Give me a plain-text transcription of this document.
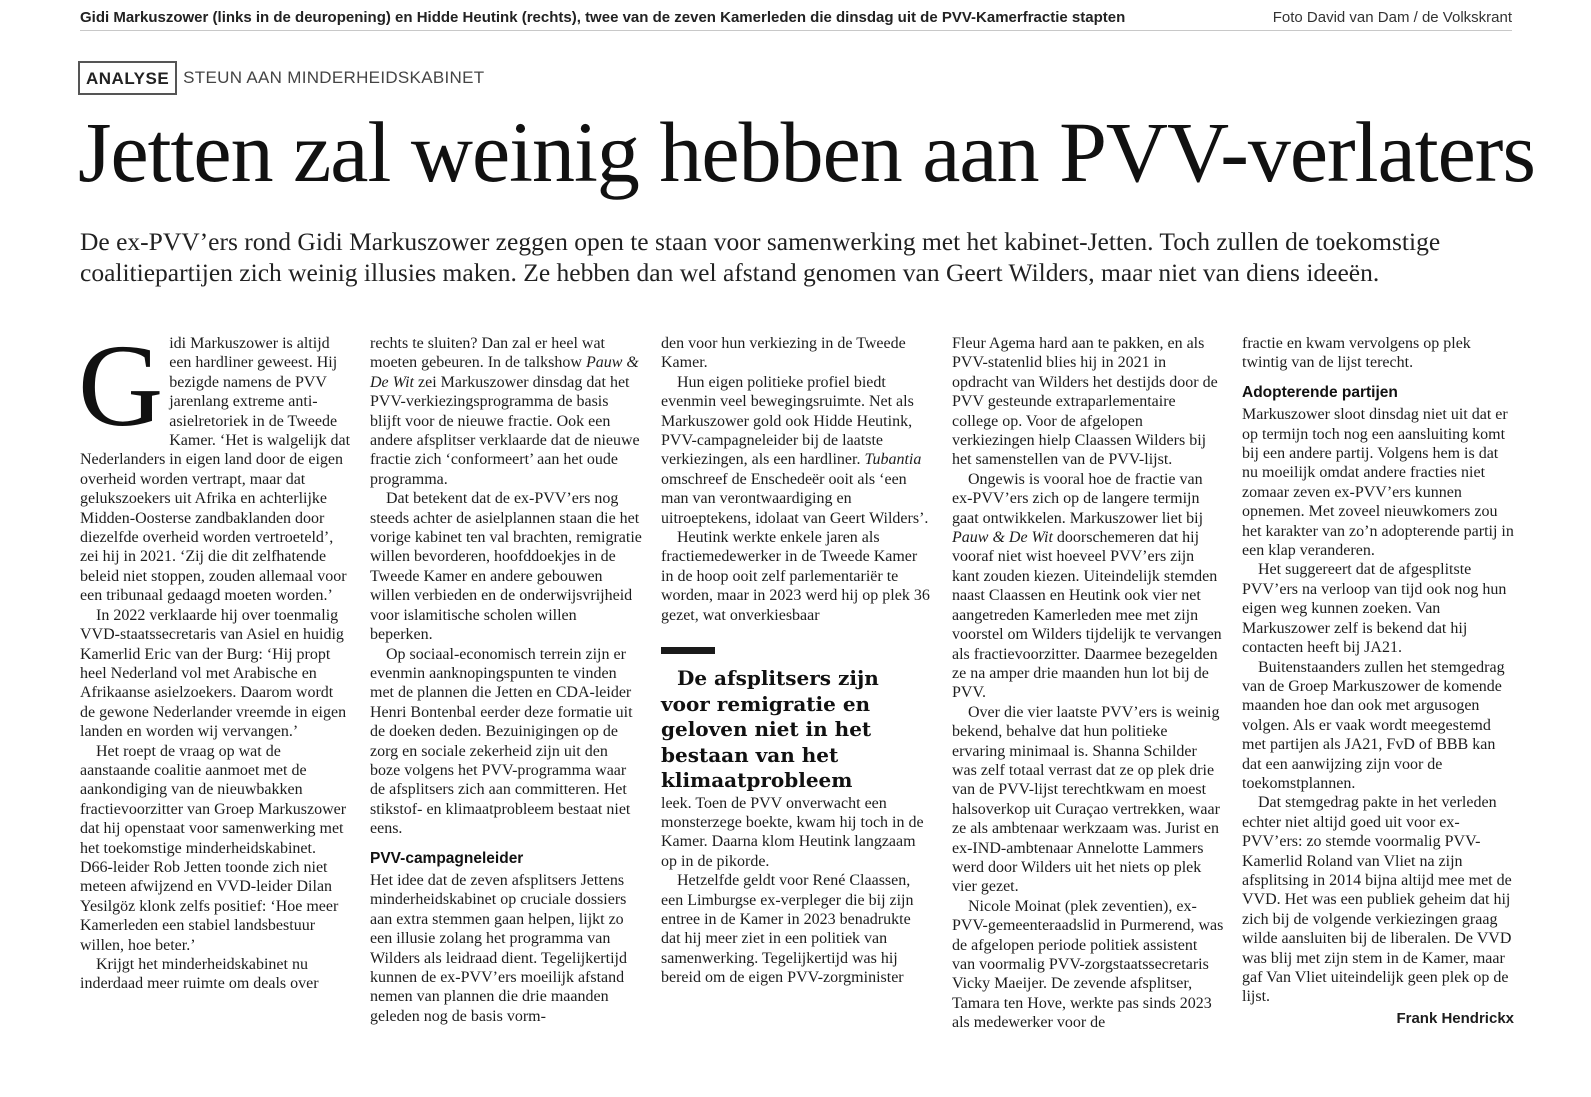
Gidi Markuszower (links in de deuropening) en Hidde Heutink (rechts), twee van de zeven Kamerleden die dinsdag uit de PVV-Kamerfractie stapten	Foto David van Dam / de Volkskrant
ANALYSE STEUN AAN MINDERHEIDSKABINET
Jetten zal weinig hebben aan PVV-verlaters

De ex-PVV’ers rond Gidi Markuszower zeggen open te staan voor samenwerking met het kabinet-Jetten. Toch zullen de toekomstige coalitiepartijen zich weinig illusies maken. Ze hebben dan wel afstand genomen van Geert Wilders, maar niet van diens ideeën.

G idi Markuszower is altijd een hardliner geweest. Hij bezigde namens de PVV jarenlang extreme anti-asielretoriek in de Tweede Kamer. ‘Het is walgelijk dat Nederlanders in eigen land door de eigen overheid worden vertrapt, maar dat gelukszoekers uit Afrika en achterlijke Midden-Oosterse zandbaklanden door diezelfde overheid worden vertroeteld’, zei hij in 2021. ‘Zij die dit zelfhatende beleid niet stoppen, zouden allemaal voor een tribunaal gedaagd moeten worden.’

In 2022 verklaarde hij over toenmalig VVD-staatssecretaris van Asiel en huidig Kamerlid Eric van der Burg: ‘Hij propt heel Nederland vol met Arabische en Afrikaanse asielzoekers. Daarom wordt de gewone Nederlander vreemde in eigen landen en worden wij vervangen.’

Het roept de vraag op wat de aanstaande coalitie aanmoet met de aankondiging van de nieuwbakken fractievoorzitter van Groep Markuszower dat hij openstaat voor samenwerking met het toekomstige minderheidskabinet. D66-leider Rob Jetten toonde zich niet meteen afwijzend en VVD-leider Dilan Yesilgöz klonk zelfs positief: ‘Hoe meer Kamerleden een stabiel landsbestuur willen, hoe beter.’

Krijgt het minderheidskabinet nu inderdaad meer ruimte om deals over

rechts te sluiten? Dan zal er heel wat moeten gebeuren. In de talkshow Pauw & De Wit zei Markuszower dinsdag dat het PVV-verkiezingsprogramma de basis blijft voor de nieuwe fractie. Ook een andere afsplitser verklaarde dat de nieuwe fractie zich ‘conformeert’ aan het oude programma.

Dat betekent dat de ex-PVV’ers nog steeds achter de asielplannen staan die het vorige kabinet ten val brachten, remigratie willen bevorderen, hoofddoekjes in de Tweede Kamer en andere gebouwen willen verbieden en de onderwijsvrijheid voor islamitische scholen willen beperken.

Op sociaal-economisch terrein zijn er evenmin aanknopingspunten te vinden met de plannen die Jetten en CDA-leider Henri Bontenbal eerder deze formatie uit de doeken deden. Bezuinigingen op de zorg en sociale zekerheid zijn uit den boze volgens het PVV-programma waar de afsplitsers zich aan committeren. Het stikstof- en klimaatprobleem bestaat niet eens.

PVV-campagneleider

Het idee dat de zeven afsplitsers Jettens minderheidskabinet op cruciale dossiers aan extra stemmen gaan helpen, lijkt zo een illusie zolang het programma van Wilders als leidraad dient. Tegelijkertijd kunnen de ex-PVV’ers moeilijk afstand nemen van plannen die drie maanden geleden nog de basis vorm-

den voor hun verkiezing in de Tweede Kamer.

Hun eigen politieke profiel biedt evenmin veel bewegingsruimte. Net als Markuszower gold ook Hidde Heutink, PVV-campagneleider bij de laatste verkiezingen, als een hardliner. Tubantia omschreef de Enschedeër ooit als ‘een man van verontwaardiging en uitroeptekens, idolaat van Geert Wilders’.

Heutink werkte enkele jaren als fractiemedewerker in de Tweede Kamer in de hoop ooit zelf parlementariër te worden, maar in 2023 werd hij op plek 36 gezet, wat onverkiesbaar

De afsplitsers zijn voor remigratie en geloven niet in het bestaan van het klimaatprobleem

leek. Toen de PVV onverwacht een monsterzege boekte, kwam hij toch in de Kamer. Daarna klom Heutink langzaam op in de pikorde.

Hetzelfde geldt voor René Claassen, een Limburgse ex-verpleger die bij zijn entree in de Kamer in 2023 benadrukte dat hij meer ziet in een politiek van samenwerking. Tegelijkertijd was hij bereid om de eigen PVV-zorgminister

Fleur Agema hard aan te pakken, en als PVV-statenlid blies hij in 2021 in opdracht van Wilders het destijds door de PVV gesteunde extraparlementaire college op. Voor de afgelopen verkiezingen hielp Claassen Wilders bij het samenstellen van de PVV-lijst.

Ongewis is vooral hoe de fractie van ex-PVV’ers zich op de langere termijn gaat ontwikkelen. Markuszower liet bij Pauw & De Wit doorschemeren dat hij vooraf niet wist hoeveel PVV’ers zijn kant zouden kiezen. Uiteindelijk stemden naast Claassen en Heutink ook vier net aangetreden Kamerleden mee met zijn voorstel om Wilders tijdelijk te vervangen als fractievoorzitter. Daarmee bezegelden ze na amper drie maanden hun lot bij de PVV.

Over die vier laatste PVV’ers is weinig bekend, behalve dat hun politieke ervaring minimaal is. Shanna Schilder was zelf totaal verrast dat ze op plek drie van de PVV-lijst terechtkwam en moest halsoverkop uit Curaçao vertrekken, waar ze als ambtenaar werkzaam was. Jurist en ex-IND-ambtenaar Annelotte Lammers werd door Wilders uit het niets op plek vier gezet.

Nicole Moinat (plek zeventien), ex-PVV-gemeenteraadslid in Purmerend, was de afgelopen periode politiek assistent van voormalig PVV-zorgstaatssecretaris Vicky Maeijer. De zevende afsplitser, Tamara ten Hove, werkte pas sinds 2023 als medewerker voor de

fractie en kwam vervolgens op plek twintig van de lijst terecht.

Adopterende partijen

Markuszower sloot dinsdag niet uit dat er op termijn toch nog een aansluiting komt bij een andere partij. Volgens hem is dat nu moeilijk omdat andere fracties niet zomaar zeven ex-PVV’ers kunnen opnemen. Met zoveel nieuwkomers zou het karakter van zo’n adopterende partij in een klap veranderen.

Het suggereert dat de afgesplitste PVV’ers na verloop van tijd ook nog hun eigen weg kunnen zoeken. Van Markuszower zelf is bekend dat hij contacten heeft bij JA21.

Buitenstaanders zullen het stemgedrag van de Groep Markuszower de komende maanden hoe dan ook met argusogen volgen. Als er vaak wordt meegestemd met partijen als JA21, FvD of BBB kan dat een aanwijzing zijn voor de toekomstplannen.

Dat stemgedrag pakte in het verleden echter niet altijd goed uit voor ex-PVV’ers: zo stemde voormalig PVV-Kamerlid Roland van Vliet na zijn afsplitsing in 2014 bijna altijd mee met de VVD. Het was een publiek geheim dat hij zich bij de volgende verkiezingen graag wilde aansluiten bij de liberalen. De VVD was blij met zijn stem in de Kamer, maar gaf Van Vliet uiteindelijk geen plek op de lijst.

Frank Hendrickx
